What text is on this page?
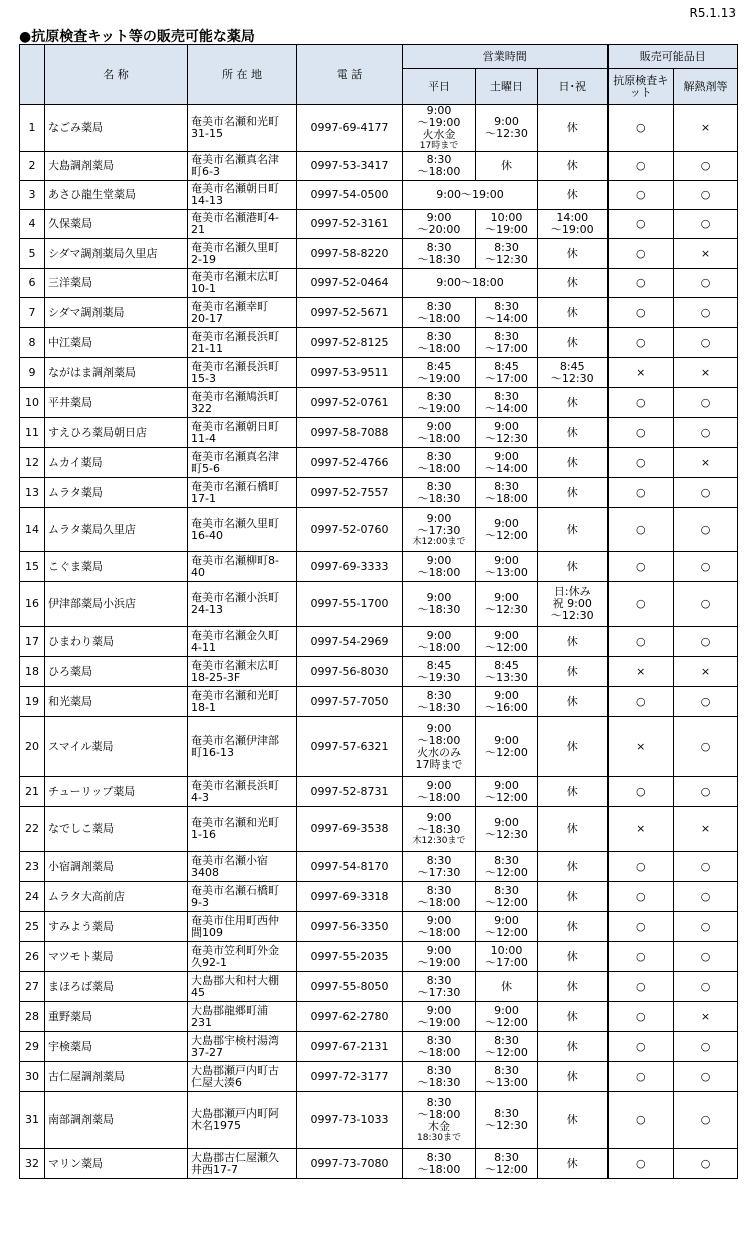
R5.1.13
●抗原検査キット等の販売可能な薬局
	名 称	所 在 地	電 話	営業時間			販売可能品目	
				平日	土曜日	日･祝	抗原検査キット	解熱剤等
1	なごみ薬局	奄美市名瀬和光町
31-15	0997-69-4177	9:00
～19:00
火水金
17時まで	9:00
～12:30	休	○	×
2	大島調剤薬局	奄美市名瀬真名津
町6-3	0997-53-3417	8:30
～18:00	休	休	○	○
3	あさひ龍生堂薬局	奄美市名瀬朝日町
14-13	0997-54-0500	9:00～19:00		休	○	○
4	久保薬局	奄美市名瀬港町4-
21	0997-52-3161	9:00
～20:00	10:00
～19:00	14:00
～19:00	○	○
5	シダマ調剤薬局久里店	奄美市名瀬久里町
2-19	0997-58-8220	8:30
～18:30	8:30
～12:30	休	○	×
6	三洋薬局	奄美市名瀬末広町
10-1	0997-52-0464	9:00～18:00		休	○	○
7	シダマ調剤薬局	奄美市名瀬幸町
20-17	0997-52-5671	8:30
～18:00	8:30
～14:00	休	○	○
8	中江薬局	奄美市名瀬長浜町
21-11	0997-52-8125	8:30
～18:00	8:30
～17:00	休	○	○
9	ながはま調剤薬局	奄美市名瀬長浜町
15-3	0997-53-9511	8:45
～19:00	8:45
～17:00	8:45
～12:30	×	×
10	平井薬局	奄美市名瀬鳩浜町
322	0997-52-0761	8:30
～19:00	8:30
～14:00	休	○	○
11	すえひろ薬局朝日店	奄美市名瀬朝日町
11-4	0997-58-7088	9:00
～18:00	9:00
～12:30	休	○	○
12	ムカイ薬局	奄美市名瀬真名津
町5-6	0997-52-4766	8:30
～18:00	9:00
～14:00	休	○	×
13	ムラタ薬局	奄美市名瀬石橋町
17-1	0997-52-7557	8:30
～18:30	8:30
～18:00	休	○	○
14	ムラタ薬局久里店	奄美市名瀬久里町
16-40	0997-52-0760	9:00
～17:30
木12:00まで	9:00
～12:00	休	○	○
15	こぐま薬局	奄美市名瀬柳町8-
40	0997-69-3333	9:00
～18:00	9:00
～13:00	休	○	○
16	伊津部薬局小浜店	奄美市名瀬小浜町
24-13	0997-55-1700	9:00
～18:30	9:00
～12:30	日:休み
祝 9:00
～12:30	○	○
17	ひまわり薬局	奄美市名瀬金久町
4-11	0997-54-2969	9:00
～18:00	9:00
～12:00	休	○	○
18	ひろ薬局	奄美市名瀬末広町
18-25-3F	0997-56-8030	8:45
～19:30	8:45
～13:30	休	×	×
19	和光薬局	奄美市名瀬和光町
18-1	0997-57-7050	8:30
～18:30	9:00
～16:00	休	○	○
20	スマイル薬局	奄美市名瀬伊津部
町16-13	0997-57-6321	9:00
～18:00
火水のみ
17時まで	9:00
～12:00	休	×	○
21	チューリップ薬局	奄美市名瀬長浜町
4-3	0997-52-8731	9:00
～18:00	9:00
～12:00	休	○	○
22	なでしこ薬局	奄美市名瀬和光町
1-16	0997-69-3538	9:00
～18:30
木12:30まで	9:00
～12:30	休	×	×
23	小宿調剤薬局	奄美市名瀬小宿
3408	0997-54-8170	8:30
～17:30	8:30
～12:00	休	○	○
24	ムラタ大高前店	奄美市名瀬石橋町
9-3	0997-69-3318	8:30
～18:00	8:30
～12:00	休	○	○
25	すみよう薬局	奄美市住用町西仲
間109	0997-56-3350	9:00
～18:00	9:00
～12:00	休	○	○
26	マツモト薬局	奄美市笠利町外金
久92-1	0997-55-2035	9:00
～19:00	10:00
～17:00	休	○	○
27	まほろば薬局	大島郡大和村大棚
45	0997-55-8050	8:30
～17:30	休	休	○	○
28	重野薬局	大島郡龍郷町浦
231	0997-62-2780	9:00
～19:00	9:00
～12:00	休	○	×
29	宇検薬局	大島郡宇検村湯湾
37-27	0997-67-2131	8:30
～18:00	8:30
～12:00	休	○	○
30	古仁屋調剤薬局	大島郡瀬戸内町古
仁屋大湊6	0997-72-3177	8:30
～18:30	8:30
～13:00	休	○	○
31	南部調剤薬局	大島郡瀬戸内町阿
木名1975	0997-73-1033	8:30
～18:00
木金
18:30まで	8:30
～12:30	休	○	○
32	マリン薬局	大島郡古仁屋瀬久
井西17-7	0997-73-7080	8:30
～18:00	8:30
～12:00	休	○	○
